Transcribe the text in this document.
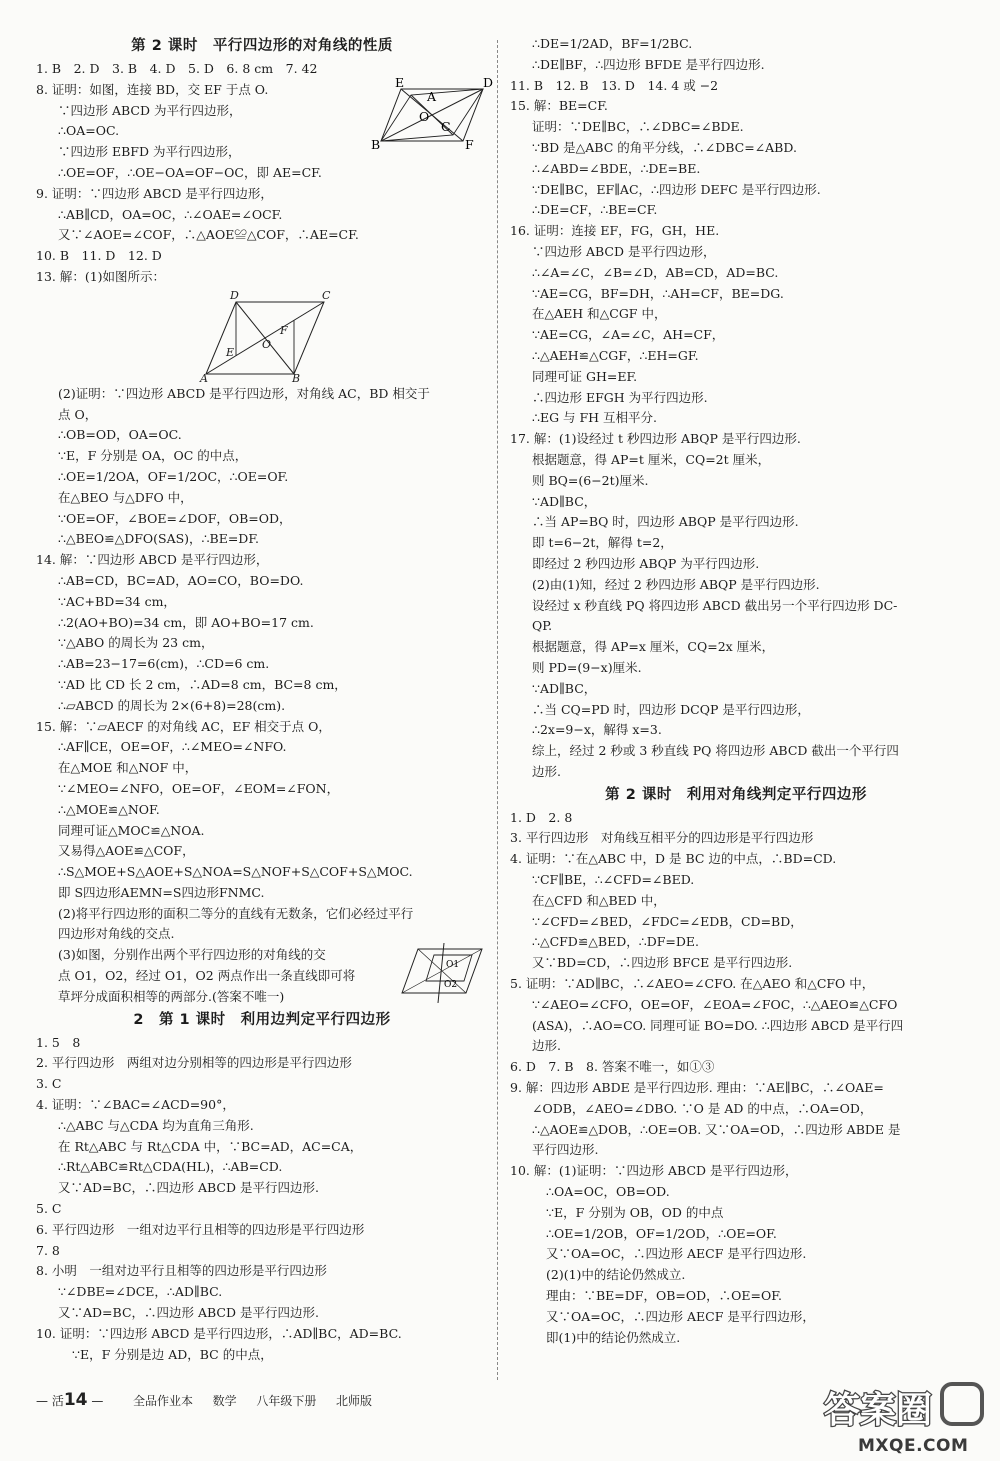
第 2 课时　平行四边形的对角线的性质
1. B　2. D　3. B　4. D　5. D　6. 8 cm　7. 42
8. 证明：如图，连接 BD，交 EF 于点 O.
∵四边形 ABCD 为平行四边形，
∴OA=OC.
∵四边形 EBFD 为平行四边形，
B
E	D
O
A
C
F
∴OE=OF，∴OE−OA=OF−OC，即 AE=CF.
9. 证明：∵四边形 ABCD 是平行四边形，
∴AB∥CD，OA=OC，∴∠OAE=∠OCF.
又∵∠AOE=∠COF，∴△AOE≌△COF，∴AE=CF.
10. B　11. D　12. D
13. 解：(1)如图所示：
A
D	C
B
E
O
F
(2)证明：∵四边形 ABCD 是平行四边形，对角线 AC，BD 相交于
点 O，
∴OB=OD，OA=OC.
∵E，F 分别是 OA，OC 的中点，
∴OE=1/2OA，OF=1/2OC，∴OE=OF.
在△BEO 与△DFO 中，
∵OE=OF，∠BOE=∠DOF，OB=OD，
∴△BEO≌△DFO(SAS)，∴BE=DF.
14. 解：∵四边形 ABCD 是平行四边形，
∴AB=CD，BC=AD，AO=CO，BO=DO.
∵AC+BD=34 cm，
∴2(AO+BO)=34 cm，即 AO+BO=17 cm.
∵△ABO 的周长为 23 cm，
∴AB=23−17=6(cm)，∴CD=6 cm.
∵AD 比 CD 长 2 cm，∴AD=8 cm，BC=8 cm，
∴▱ABCD 的周长为 2×(6+8)=28(cm).
15. 解：∵▱AECF 的对角线 AC，EF 相交于点 O，
∴AF∥CE，OE=OF，∴∠MEO=∠NFO.
在△MOE 和△NOF 中，
∵∠MEO=∠NFO，OE=OF，∠EOM=∠FON，
∴△MOE≌△NOF.
同理可证△MOC≌△NOA.
又易得△AOE≌△COF，
∴S△MOE+S△AOE+S△NOA=S△NOF+S△COF+S△MOC.
即 S四边形AEMN=S四边形FNMC.
(2)将平行四边形的面积二等分的直线有无数条，它们必经过平行
四边形对角线的交点.
(3)如图，分别作出两个平行四边形的对角线的交
点 O1，O2，经过 O1，O2 两点作出一条直线即可将
草坪分成面积相等的两部分.(答案不唯一)
O1
O2
2　第 1 课时　利用边判定平行四边形
1. 5　8
2. 平行四边形　两组对边分别相等的四边形是平行四边形
3. C
4. 证明：∵∠BAC=∠ACD=90°，
∴△ABC 与△CDA 均为直角三角形.
在 Rt△ABC 与 Rt△CDA 中，∵BC=AD，AC=CA，
∴Rt△ABC≌Rt△CDA(HL)，∴AB=CD.
又∵AD=BC，∴四边形 ABCD 是平行四边形.
5. C
6. 平行四边形　一组对边平行且相等的四边形是平行四边形
7. 8
8. 小明　一组对边平行且相等的四边形是平行四边形
∵∠DBE=∠DCE，∴AD∥BC.
又∵AD=BC，∴四边形 ABCD 是平行四边形.
10. 证明：∵四边形 ABCD 是平行四边形，∴AD∥BC，AD=BC.
∵E，F 分别是边 AD，BC 的中点，
∴DE=1/2AD，BF=1/2BC.
∴DE∥BF，∴四边形 BFDE 是平行四边形.
11. B　12. B　13. D　14. 4 或 −2
15. 解：BE=CF.
证明：∵DE∥BC，∴∠DBC=∠BDE.
∵BD 是△ABC 的角平分线，∴∠DBC=∠ABD.
∴∠ABD=∠BDE，∴DE=BE.
∵DE∥BC，EF∥AC，∴四边形 DEFC 是平行四边形.
∴DE=CF，∴BE=CF.
16. 证明：连接 EF，FG，GH，HE.
∵四边形 ABCD 是平行四边形，
∴∠A=∠C，∠B=∠D，AB=CD，AD=BC.
∵AE=CG，BF=DH，∴AH=CF，BE=DG.
在△AEH 和△CGF 中，
∵AE=CG，∠A=∠C，AH=CF，
∴△AEH≌△CGF，∴EH=GF.
同理可证 GH=EF.
∴四边形 EFGH 为平行四边形.
∴EG 与 FH 互相平分.
17. 解：(1)设经过 t 秒四边形 ABQP 是平行四边形.
根据题意，得 AP=t 厘米，CQ=2t 厘米，
则 BQ=(6−2t)厘米.
∵AD∥BC，
∴当 AP=BQ 时，四边形 ABQP 是平行四边形.
即 t=6−2t，解得 t=2，
即经过 2 秒四边形 ABQP 为平行四边形.
(2)由(1)知，经过 2 秒四边形 ABQP 是平行四边形.
设经过 x 秒直线 PQ 将四边形 ABCD 截出另一个平行四边形 DC-
QP.
根据题意，得 AP=x 厘米，CQ=2x 厘米，
则 PD=(9−x)厘米.
∵AD∥BC，
∴当 CQ=PD 时，四边形 DCQP 是平行四边形，
∴2x=9−x，解得 x=3.
综上，经过 2 秒或 3 秒直线 PQ 将四边形 ABCD 截出一个平行四
边形.
第 2 课时　利用对角线判定平行四边形
1. D　2. 8
3. 平行四边形　对角线互相平分的四边形是平行四边形
4. 证明：∵在△ABC 中，D 是 BC 边的中点，∴BD=CD.
∵CF∥BE，∴∠CFD=∠BED.
在△CFD 和△BED 中，
∵∠CFD=∠BED，∠FDC=∠EDB，CD=BD，
∴△CFD≌△BED，∴DF=DE.
又∵BD=CD，∴四边形 BFCE 是平行四边形.
5. 证明：∵AD∥BC，∴∠AEO=∠CFO. 在△AEO 和△CFO 中，
∵∠AEO=∠CFO，OE=OF，∠EOA=∠FOC，∴△AEO≌△CFO
(ASA)，∴AO=CO. 同理可证 BO=DO. ∴四边形 ABCD 是平行四
边形.
6. D　7. B　8. 答案不唯一，如①③
9. 解：四边形 ABDE 是平行四边形. 理由：∵AE∥BC，∴∠OAE=
∠ODB，∠AEO=∠DBO. ∵O 是 AD 的中点，∴OA=OD，
∴△AOE≌△DOB，∴OE=OB. 又∵OA=OD，∴四边形 ABDE 是
平行四边形.
10. 解：(1)证明：∵四边形 ABCD 是平行四边形，
∴OA=OC，OB=OD.
∵E，F 分别为 OB，OD 的中点
∴OE=1/2OB，OF=1/2OD，∴OE=OF.
又∵OA=OC，∴四边形 AECF 是平行四边形.
(2)(1)中的结论仍然成立.
理由：∵BE=DF，OB=OD，∴OE=OF.
又∵OA=OC，∴四边形 AECF 是平行四边形，
即(1)中的结论仍然成立.
— 活14 — 全品作业本 数学 八年级下册 北师版	答案圈
MXQE.COM
